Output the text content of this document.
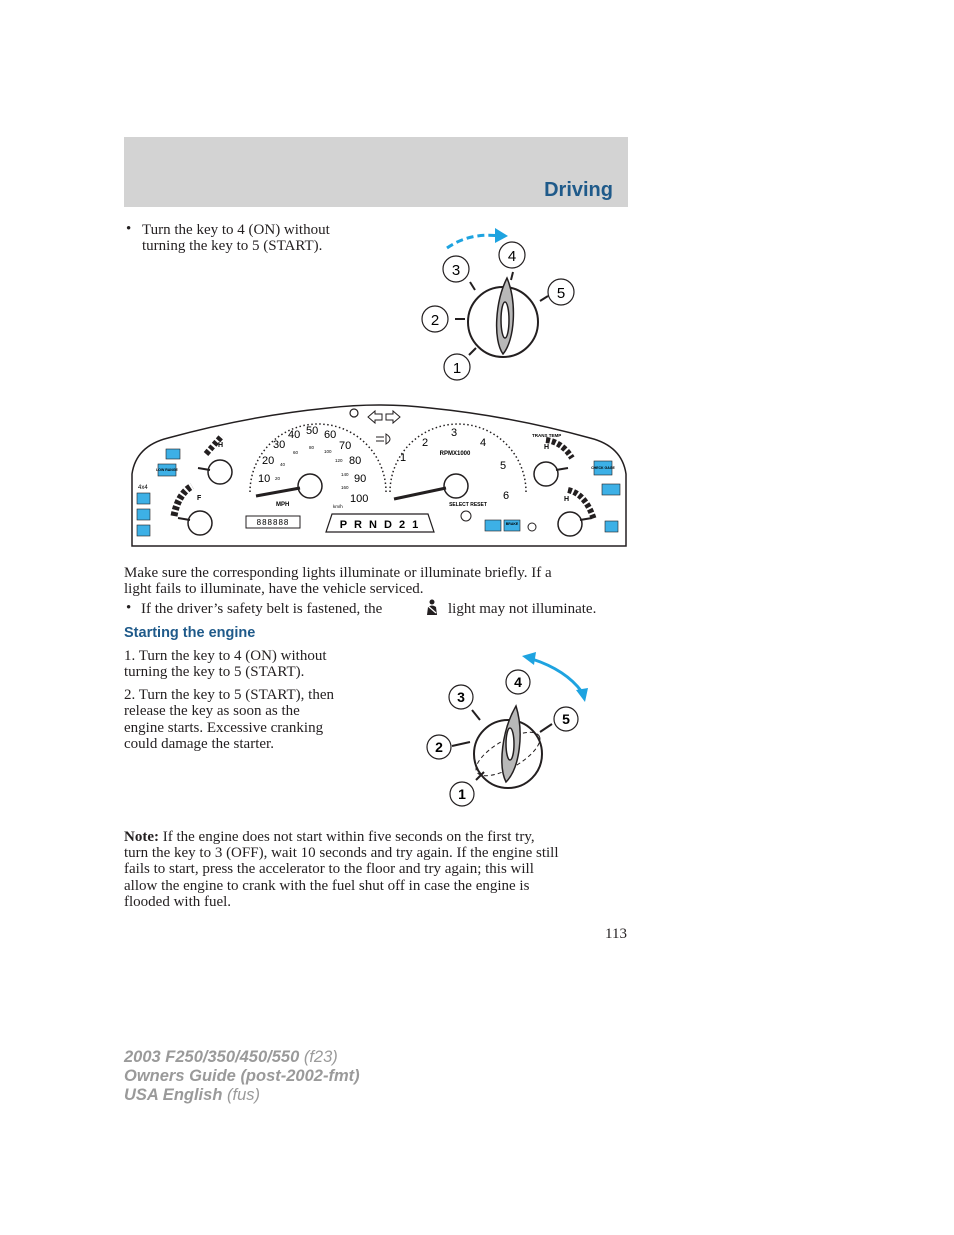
Driving
• Turn the key to 4 (ON) without
turning the key to 5 (START).
1
2
3
4
5
10
20
30
40 50 60
70
80
90
100
20
40
60
80
100
120
140
160
MPH	km/h
888888
1
2
3
4
5
6
RPMX1000
SELECT RESET
P R N D 2 1
H
F
LOW RANGE
4x4
TRANS TEMP
H
CHECK GAGE
H
BRAKE
Make sure the corresponding lights illuminate or illuminate briefly. If a
light fails to illuminate, have the vehicle serviced.
• If the driver’s safety belt is fastened, the	light may not illuminate.
Starting the engine
1. Turn the key to 4 (ON) without
turning the key to 5 (START).
2. Turn the key to 5 (START), then
release the key as soon as the
engine starts. Excessive cranking
could damage the starter.
1
2
3
4
5
Note: If the engine does not start within five seconds on the first try,
turn the key to 3 (OFF), wait 10 seconds and try again. If the engine still
fails to start, press the accelerator to the floor and try again; this will
allow the engine to crank with the fuel shut off in case the engine is
flooded with fuel.
113
2003 F250/350/450/550 (f23)
Owners Guide (post-2002-fmt)
USA English (fus)
